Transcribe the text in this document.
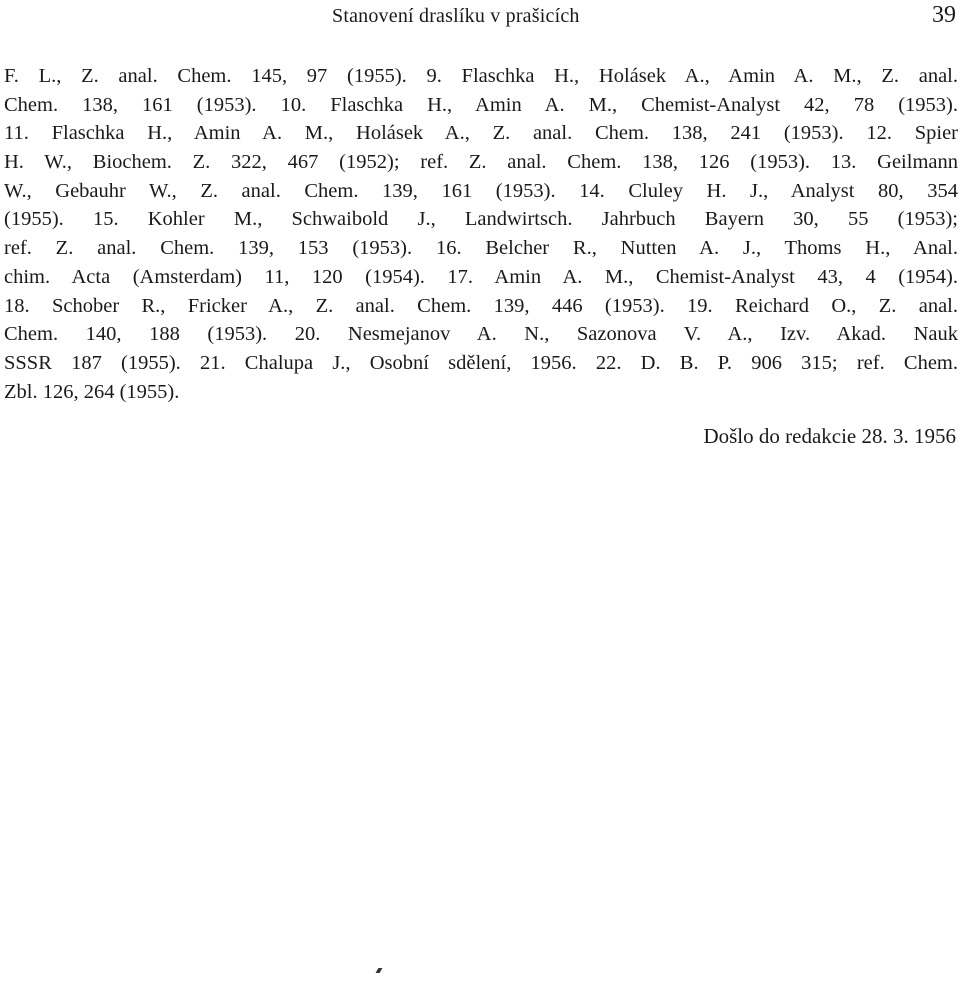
Stanovení draslíku v prašicích	39
F. L., Z. anal. Chem. 145, 97 (1955). 9. Flaschka H., Holásek A., Amin A. M., Z. anal.
Chem. 138, 161 (1953). 10. Flaschka H., Amin A. M., Chemist-Analyst 42, 78 (1953).
11. Flaschka H., Amin A. M., Holásek A., Z. anal. Chem. 138, 241 (1953). 12. Spier
H. W., Biochem. Z. 322, 467 (1952); ref. Z. anal. Chem. 138, 126 (1953). 13. Geilmann
W., Gebauhr W., Z. anal. Chem. 139, 161 (1953). 14. Cluley H. J., Analyst 80, 354
(1955). 15. Kohler M., Schwaibold J., Landwirtsch. Jahrbuch Bayern 30, 55 (1953);
ref. Z. anal. Chem. 139, 153 (1953). 16. Belcher R., Nutten A. J., Thoms H., Anal.
chim. Acta (Amsterdam) 11, 120 (1954). 17. Amin A. M., Chemist-Analyst 43, 4 (1954).
18. Schober R., Fricker A., Z. anal. Chem. 139, 446 (1953). 19. Reichard O., Z. anal.
Chem. 140, 188 (1953). 20. Nesmejanov A. N., Sazonova V. A., Izv. Akad. Nauk
SSSR 187 (1955). 21. Chalupa J., Osobní sdělení, 1956. 22. D. B. P. 906 315; ref. Chem.
Zbl. 126, 264 (1955).
Došlo do redakcie 28. 3. 1956
